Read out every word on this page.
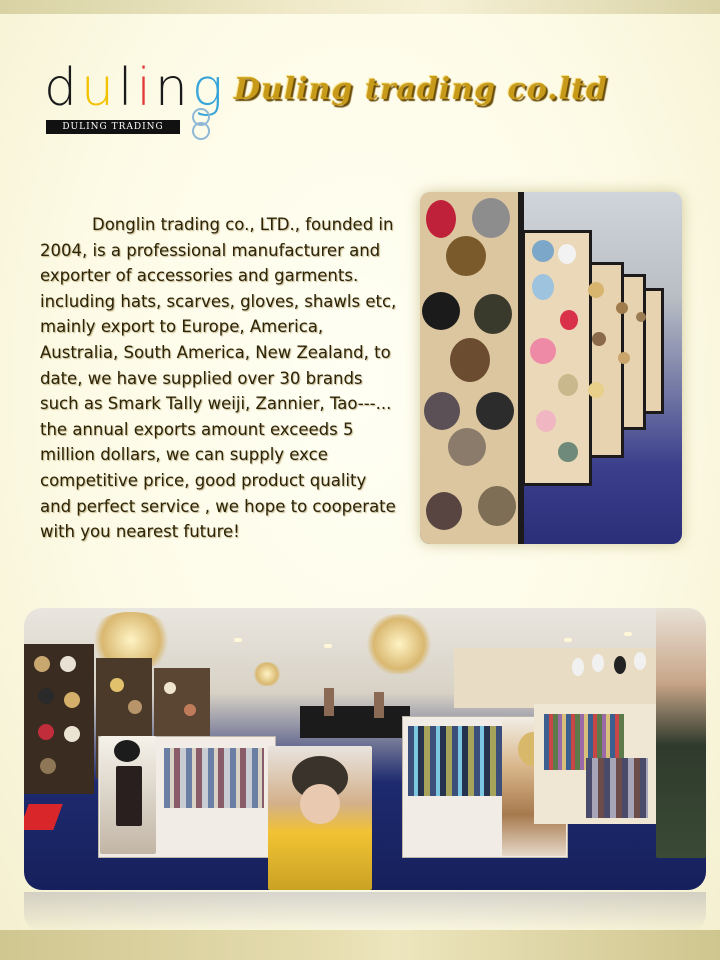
duling
DULING TRADING
Duling trading co.ltd

Donglin trading co., LTD., founded in 2004, is a professional manufacturer and exporter of accessories and garments. including hats, scarves, gloves, shawls etc, mainly export to Europe, America, Australia, South America, New Zealand, to date, we have supplied over 30 brands such as Smark Tally weiji, Zannier, Tao---... the annual exports amount exceeds 5 million dollars, we can supply exce competitive price, good product quality and perfect service , we hope to cooperate with you nearest future!
